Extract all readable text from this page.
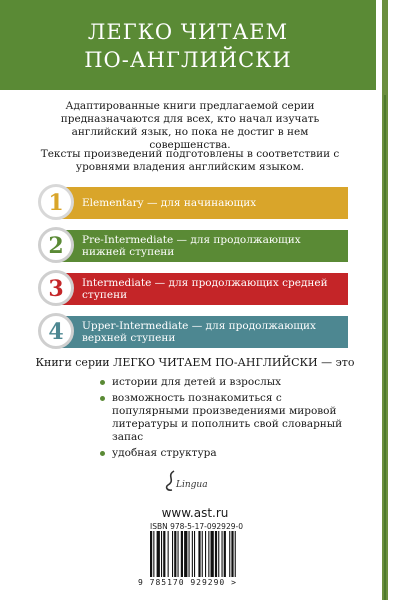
ЛЕГКО ЧИТАЕМ
ПО-АНГЛИЙСКИ
Адаптированные книги предлагаемой серии предназначаются для всех, кто начал изучать английский язык, но пока не достиг в нем совершенства.
Тексты произведений подготовлены в соответствии с уровнями владения английским языком.
Elementary — для начинающих
1
Pre-Intermediate — для продолжающих нижней ступени
2
Intermediate — для продолжающих средней ступени
3
Upper-Intermediate — для продолжающих верхней ступени
4
Книги серии ЛЕГКО ЧИТАЕМ ПО-АНГЛИЙСКИ — это
истории для детей и взрослых
возможность познакомиться с популярными произведениями мировой литературы и пополнить свой словарный запас
удобная структура
Lingua
www.ast.ru
ISBN 978-5-17-092929-0
9 785170 929290 >
